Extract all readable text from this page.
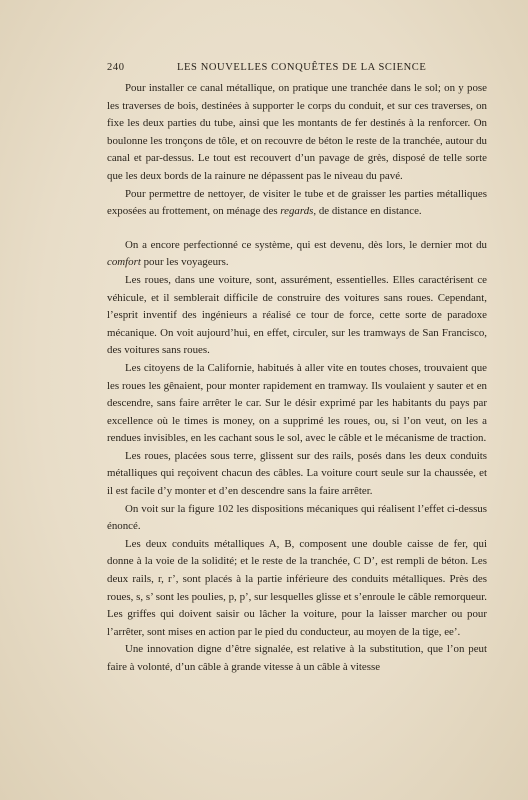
240	LES NOUVELLES CONQUÊTES DE LA SCIENCE

Pour installer ce canal métallique, on pratique une tranchée dans le sol; on y pose les traverses de bois, destinées à supporter le corps du conduit, et sur ces traverses, on fixe les deux parties du tube, ainsi que les montants de fer destinés à la renforcer. On boulonne les tronçons de tôle, et on recouvre de béton le reste de la tranchée, autour du canal et par-dessus. Le tout est recouvert d’un pavage de grès, disposé de telle sorte que les deux bords de la rainure ne dépassent pas le niveau du pavé.

Pour permettre de nettoyer, de visiter le tube et de graisser les parties métalliques exposées au frottement, on ménage des regards, de distance en distance.

On a encore perfectionné ce système, qui est devenu, dès lors, le dernier mot du comfort pour les voyageurs.

Les roues, dans une voiture, sont, assurément, essentielles. Elles caractérisent ce véhicule, et il semblerait difficile de construire des voitures sans roues. Cependant, l’esprit inventif des ingénieurs a réalisé ce tour de force, cette sorte de paradoxe mécanique. On voit aujourd’hui, en effet, circuler, sur les tramways de San Francisco, des voitures sans roues.

Les citoyens de la Californie, habitués à aller vite en toutes choses, trouvaient que les roues les gênaient, pour monter rapidement en tramway. Ils voulaient y sauter et en descendre, sans faire arrêter le car. Sur le désir exprimé par les habitants du pays par excellence où le times is money, on a supprimé les roues, ou, si l’on veut, on les a rendues invisibles, en les cachant sous le sol, avec le câble et le mécanisme de traction.

Les roues, placées sous terre, glissent sur des rails, posés dans les deux conduits métalliques qui reçoivent chacun des câbles. La voiture court seule sur la chaussée, et il est facile d’y monter et d’en descendre sans la faire arrêter.

On voit sur la figure 102 les dispositions mécaniques qui réalisent l’effet ci-dessus énoncé.

Les deux conduits métalliques A, B, composent une double caisse de fer, qui donne à la voie de la solidité; et le reste de la tranchée, C D’, est rempli de béton. Les deux rails, r, r’, sont placés à la partie inférieure des conduits métalliques. Près des roues, s, s’ sont les poulies, p, p’, sur lesquelles glisse et s’enroule le câble remorqueur. Les griffes qui doivent saisir ou lâcher la voiture, pour la laisser marcher ou pour l’arrêter, sont mises en action par le pied du conducteur, au moyen de la tige, ee’.

Une innovation digne d’être signalée, est relative à la substitution, que l’on peut faire à volonté, d’un câble à grande vitesse à un câble à vitesse
